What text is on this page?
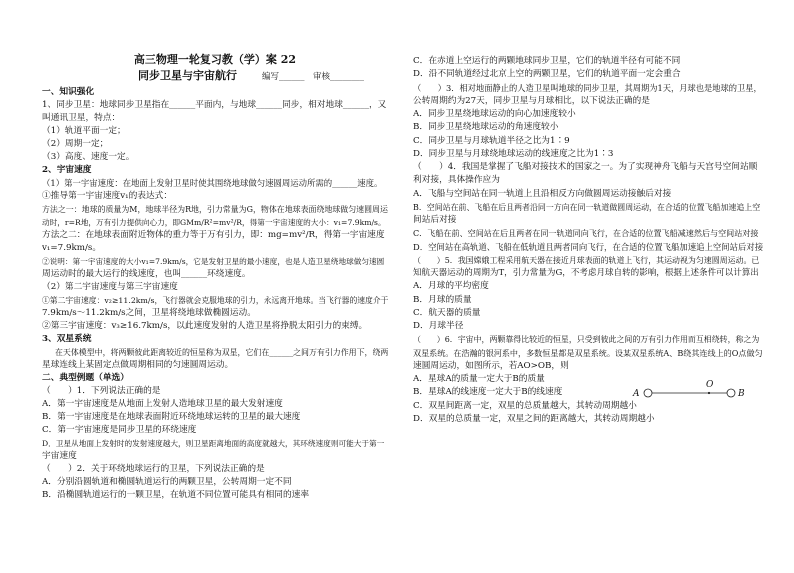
高三物理一轮复习教（学）案 22
同步卫星与宇宙航行	编写______　审核________
一、知识强化
1、同步卫星：地球同步卫星指在______平面内，与地球______同步，相对地球______，又
叫通讯卫星，特点：
（1）轨道平面一定；
（2）周期一定；
（3）高度、速度一定。
2、宇宙速度
（1）第一宇宙速度：在地面上发射卫星时使其围绕地球做匀速圆周运动所需的______速度。
①推导第一宇宙速度v₁的表达式：
方法之一：地球的质量为M，地球半径为R地，引力常量为G，物体在地球表面绕地球做匀速圆周运
动时，r=R地，万有引力提供向心力，即GMm/R²=mv²/R，得第一宇宙速度的大小：v₁=7.9km/s。
方法之二：在地球表面附近物体的重力等于万有引力，即：mg=mv²/R，得第一宇宙速度
v₁=7.9km/s。
②说明：第一宇宙速度的大小v₁=7.9km/s，它是发射卫星的最小速度，也是人造卫星绕地球做匀速圆
周运动时的最大运行的线速度，也叫______环绕速度。
（2）第二宇宙速度与第三宇宙速度
①第二宇宙速度：v₂≥11.2km/s，飞行器就会克服地球的引力，永远离开地球。当飞行器的速度介于
7.9km/s～11.2km/s之间，卫星将绕地球做椭圆运动。
②第三宇宙速度：v₃≥16.7km/s，以此速度发射的人造卫星将挣脱太阳引力的束缚。
3、双星系统
在天体模型中，将两颗彼此距离较近的恒星称为双星，它们在______之间万有引力作用下，绕两
星球连线上某固定点做周期相同的匀速圆周运动。
二、典型例题（单选）
（　　）1．下列说法正确的是
A．第一宇宙速度是从地面上发射人造地球卫星的最大发射速度
B．第一宇宙速度是在地球表面附近环绕地球运转的卫星的最大速度
C．第一宇宙速度是同步卫星的环绕速度
D．卫星从地面上发射时的发射速度越大，则卫星距离地面的高度就越大，其环绕速度则可能大于第一
宇宙速度
（　　）2．关于环绕地球运行的卫星，下列说法正确的是
A．分别沿圆轨道和椭圆轨道运行的两颗卫星，公转周期一定不同
B．沿椭圆轨道运行的一颗卫星，在轨道不同位置可能具有相同的速率
C．在赤道上空运行的两颗地球同步卫星，它们的轨道半径有可能不同
D．沿不同轨道经过北京上空的两颗卫星，它们的轨道平面一定会重合
（　　）3．相对地面静止的人造卫星叫地球的同步卫星，其周期为1天，月球也是地球的卫星，
公转周期约为27天，同步卫星与月球相比，以下说法正确的是
A．同步卫星绕地球运动的向心加速度较小
B．同步卫星绕地球运动的角速度较小
C．同步卫星与月球轨道半径之比为1∶9
D．同步卫星与月球绕地球运动的线速度之比为1∶3
（　　）4．我国是掌握了飞船对接技术的国家之一。为了实现神舟飞船与天宫号空间站顺
利对接，具体操作应为
A．飞船与空间站在同一轨道上且沿相反方向做圆周运动接触后对接
B．空间站在前、飞船在后且两者沿同一方向在同一轨道做圆周运动，在合适的位置飞船加速追上空
间站后对接
C．飞船在前、空间站在后且两者在同一轨道同向飞行，在合适的位置飞船减速然后与空间站对接
D．空间站在高轨道、飞船在低轨道且两者同向飞行，在合适的位置飞船加速追上空间站后对接
（　　）5．我国嫦娥工程采用航天器在接近月球表面的轨道上飞行，其运动视为匀速圆周运动。已
知航天器运动的周期为T，引力常量为G，不考虑月球自转的影响，根据上述条件可以计算出
A．月球的平均密度
B．月球的质量
C．航天器的质量
D．月球半径
（　　）6．宇宙中，两颗靠得比较近的恒星，只受到彼此之间的万有引力作用而互相绕转，称之为
双星系统。在浩瀚的银河系中，多数恒星都是双星系统。设某双星系统A、B绕其连线上的O点做匀
速圆周运动，如图所示，若AO>OB，则
A．星球A的质量一定大于B的质量
B．星球A的线速度一定大于B的线速度
C．双星间距离一定，双星的总质量越大，其转动周期越小
D．双星的总质量一定，双星之间的距离越大，其转动周期越小
A
O
B
